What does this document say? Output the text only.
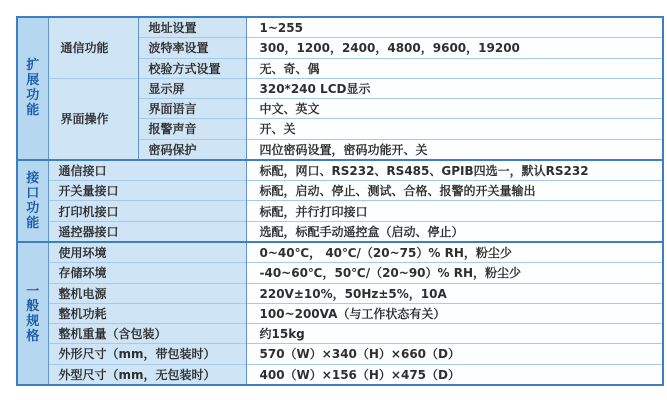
扩展功能	通信功能	地址设置	1~255
		波特率设置	300，1200，2400，4800，9600，19200
		校验方式设置	无、奇、偶
	界面操作	显示屏	320*240 LCD显示
		界面语言	中文、英文
		报警声音	开、关
		密码保护	四位密码设置，密码功能开、关

接口功能	通信接口		标配，网口、RS232、RS485、GPIB四选一，默认RS232
	开关量接口		标配，启动、停止、测试、合格、报警的开关量输出
	打印机接口		标配，并行打印接口
	遥控器接口		选配，标配手动遥控盒（启动、停止）

一般规格	使用环境		0~40℃， 40℃/（20~75）% RH，粉尘少
	存储环境		-40~60℃，50℃/（20~90）% RH，粉尘少
	整机电源		220V±10%，50Hz±5%，10A
	整机功耗		100~200VA（与工作状态有关）
	整机重量（含包装）		约15kg
	外形尺寸（mm，带包装时）		570（W）×340（H）×660（D）
	外型尺寸（mm，无包装时）		400（W）×156（H）×475（D）
